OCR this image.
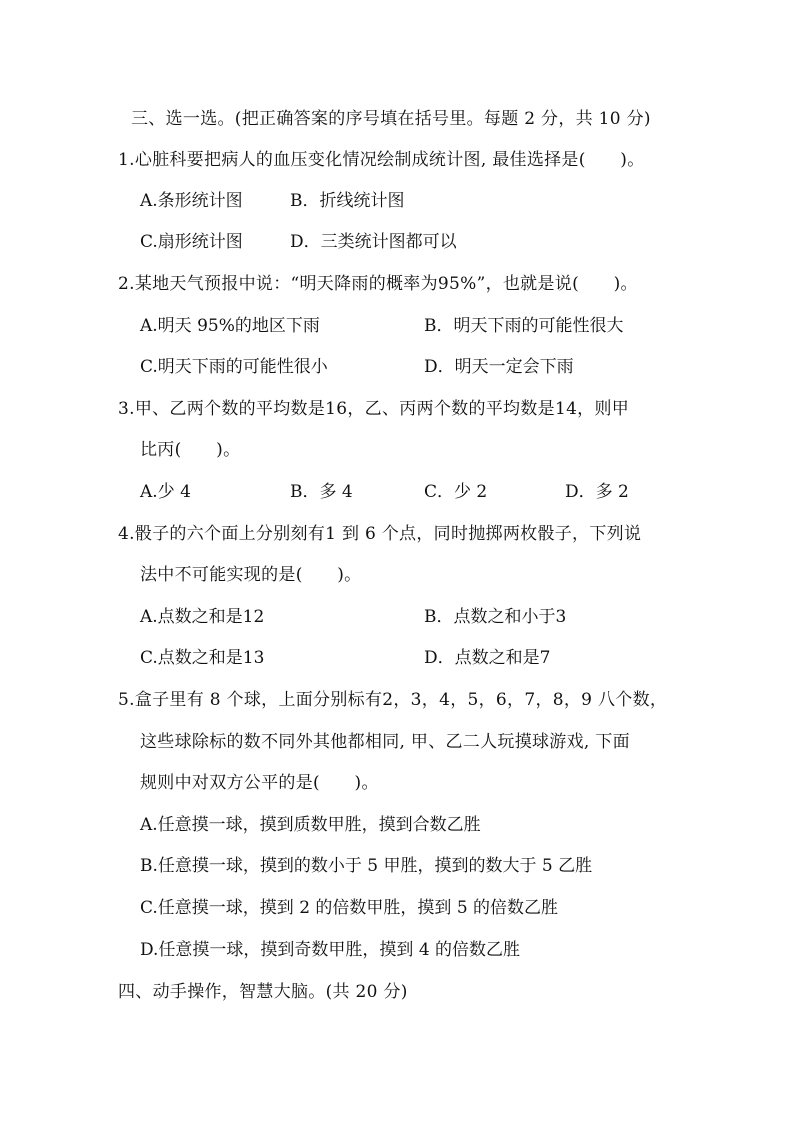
三、选一选。(把正确答案的序号填在括号里。每题 2 分，共 10 分)
1.心脏科要把病人的血压变化情况绘制成统计图, 最佳选择是(　　)。
A.条形统计图	B．折线统计图
C.扇形统计图	D．三类统计图都可以
2.某地天气预报中说：“明天降雨的概率为95%”，也就是说(　　)。
A.明天 95%的地区下雨	B．明天下雨的可能性很大
C.明天下雨的可能性很小	D．明天一定会下雨
3.甲、乙两个数的平均数是16，乙、丙两个数的平均数是14，则甲
比丙(　　)。
A.少 4	B．多 4	C．少 2	D．多 2
4.骰子的六个面上分别刻有1 到 6 个点，同时抛掷两枚骰子，下列说
法中不可能实现的是(　　)。
A.点数之和是12	B．点数之和小于3
C.点数之和是13	D．点数之和是7
5.盒子里有 8 个球，上面分别标有2，3，4，5，6，7，8，9 八个数，
这些球除标的数不同外其他都相同, 甲、乙二人玩摸球游戏, 下面
规则中对双方公平的是(　　)。
A.任意摸一球，摸到质数甲胜，摸到合数乙胜
B.任意摸一球，摸到的数小于 5 甲胜，摸到的数大于 5 乙胜
C.任意摸一球，摸到 2 的倍数甲胜，摸到 5 的倍数乙胜
D.任意摸一球，摸到奇数甲胜，摸到 4 的倍数乙胜
四、动手操作，智慧大脑。(共 20 分)
